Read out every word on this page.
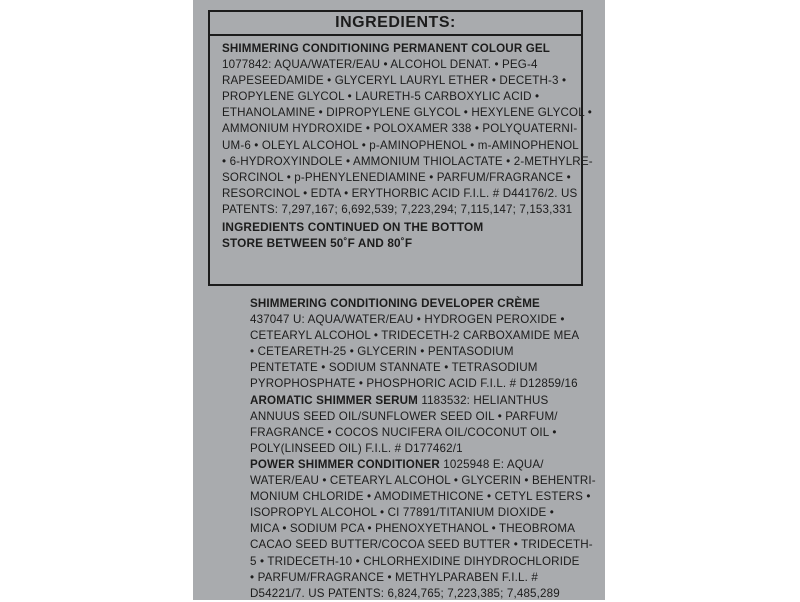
INGREDIENTS:
SHIMMERING CONDITIONING PERMANENT COLOUR GEL
1077842: AQUA/WATER/EAU • ALCOHOL DENAT. • PEG-4
RAPESEEDAMIDE • GLYCERYL LAURYL ETHER • DECETH-3 •
PROPYLENE GLYCOL • LAURETH-5 CARBOXYLIC ACID •
ETHANOLAMINE • DIPROPYLENE GLYCOL • HEXYLENE GLYCOL •
AMMONIUM HYDROXIDE • POLOXAMER 338 • POLYQUATERNI-
UM-6 • OLEYL ALCOHOL • p-AMINOPHENOL • m-AMINOPHENOL
• 6-HYDROXYINDOLE • AMMONIUM THIOLACTATE • 2-METHYLRE-
SORCINOL • p-PHENYLENEDIAMINE • PARFUM/FRAGRANCE •
RESORCINOL • EDTA • ERYTHORBIC ACID F.I.L. # D44176/2. US
PATENTS: 7,297,167; 6,692,539; 7,223,294; 7,115,147; 7,153,331
INGREDIENTS CONTINUED ON THE BOTTOM
STORE BETWEEN 50˚F AND 80˚F
SHIMMERING CONDITIONING DEVELOPER CRÈME
437047 U: AQUA/WATER/EAU • HYDROGEN PEROXIDE •
CETEARYL ALCOHOL • TRIDECETH-2 CARBOXAMIDE MEA
• CETEARETH-25 • GLYCERIN • PENTASODIUM
PENTETATE • SODIUM STANNATE • TETRASODIUM
PYROPHOSPHATE • PHOSPHORIC ACID F.I.L. # D12859/16
AROMATIC SHIMMER SERUM 1183532: HELIANTHUS
ANNUUS SEED OIL/SUNFLOWER SEED OIL • PARFUM/
FRAGRANCE • COCOS NUCIFERA OIL/COCONUT OIL •
POLY(LINSEED OIL) F.I.L. # D177462/1
POWER SHIMMER CONDITIONER 1025948 E: AQUA/
WATER/EAU • CETEARYL ALCOHOL • GLYCERIN • BEHENTRI-
MONIUM CHLORIDE • AMODIMETHICONE • CETYL ESTERS •
ISOPROPYL ALCOHOL • CI 77891/TITANIUM DIOXIDE •
MICA • SODIUM PCA • PHENOXYETHANOL • THEOBROMA
CACAO SEED BUTTER/COCOA SEED BUTTER • TRIDECETH-
5 • TRIDECETH-10 • CHLORHEXIDINE DIHYDROCHLORIDE
• PARFUM/FRAGRANCE • METHYLPARABEN F.I.L. #
D54221/7. US PATENTS: 6,824,765; 7,223,385; 7,485,289
